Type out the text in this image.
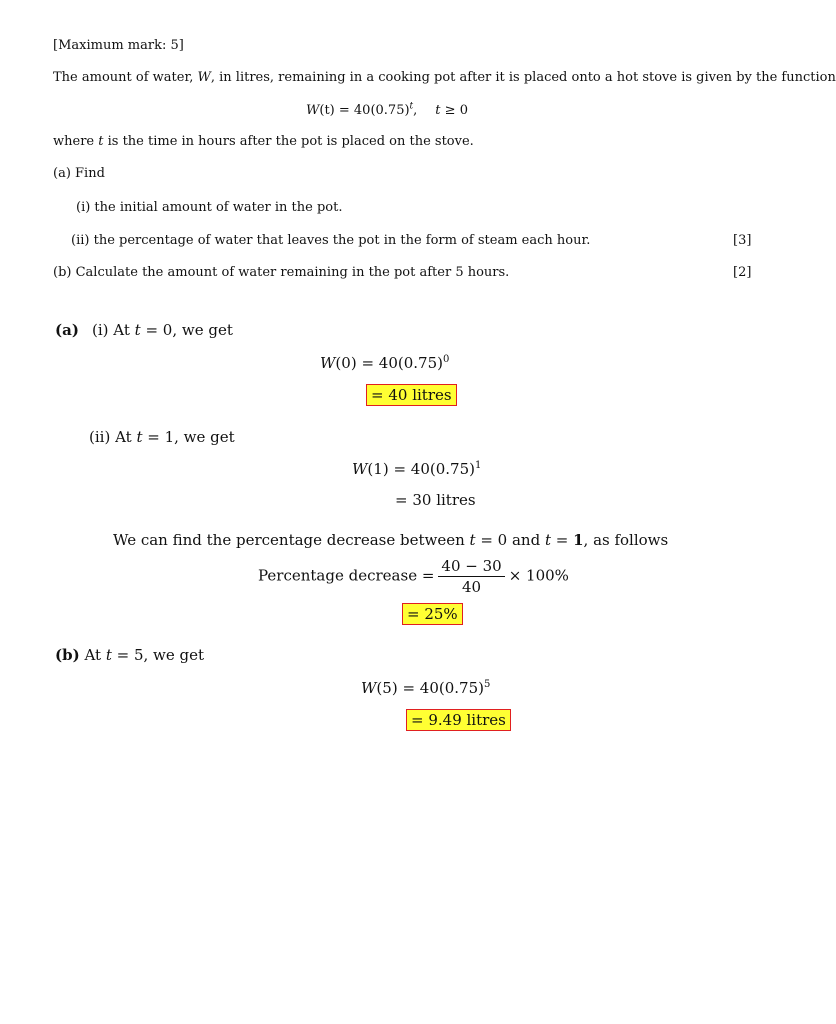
[Maximum mark: 5]
The amount of water, W, in litres, remaining in a cooking pot after it is placed onto a hot stove is given by the function
$W(t) = 40(0.75)^t$, t ≥ 0
where t is the time in hours after the pot is placed on the stove.
(a) Find
(i) the initial amount of water in the pot.
(ii) the percentage of water that leaves the pot in the form of steam each hour.	[3]
(b) Calculate the amount of water remaining in the pot after 5 hours.	[2]
(a) (i) At t = 0, we get
$W(0) = 40(0.75)^0$
= 40 litres
(ii) At t = 1, we get
$W(1) = 40(0.75)^1$
= 30 litres
We can find the percentage decrease between t = 0 and t = 1, as follows
Percentage decrease = $\frac{40 - 30}{40} \times 100\%$
= 25%
(b) At t = 5, we get
$W(5) = 40(0.75)^5$
= 9.49 litres
